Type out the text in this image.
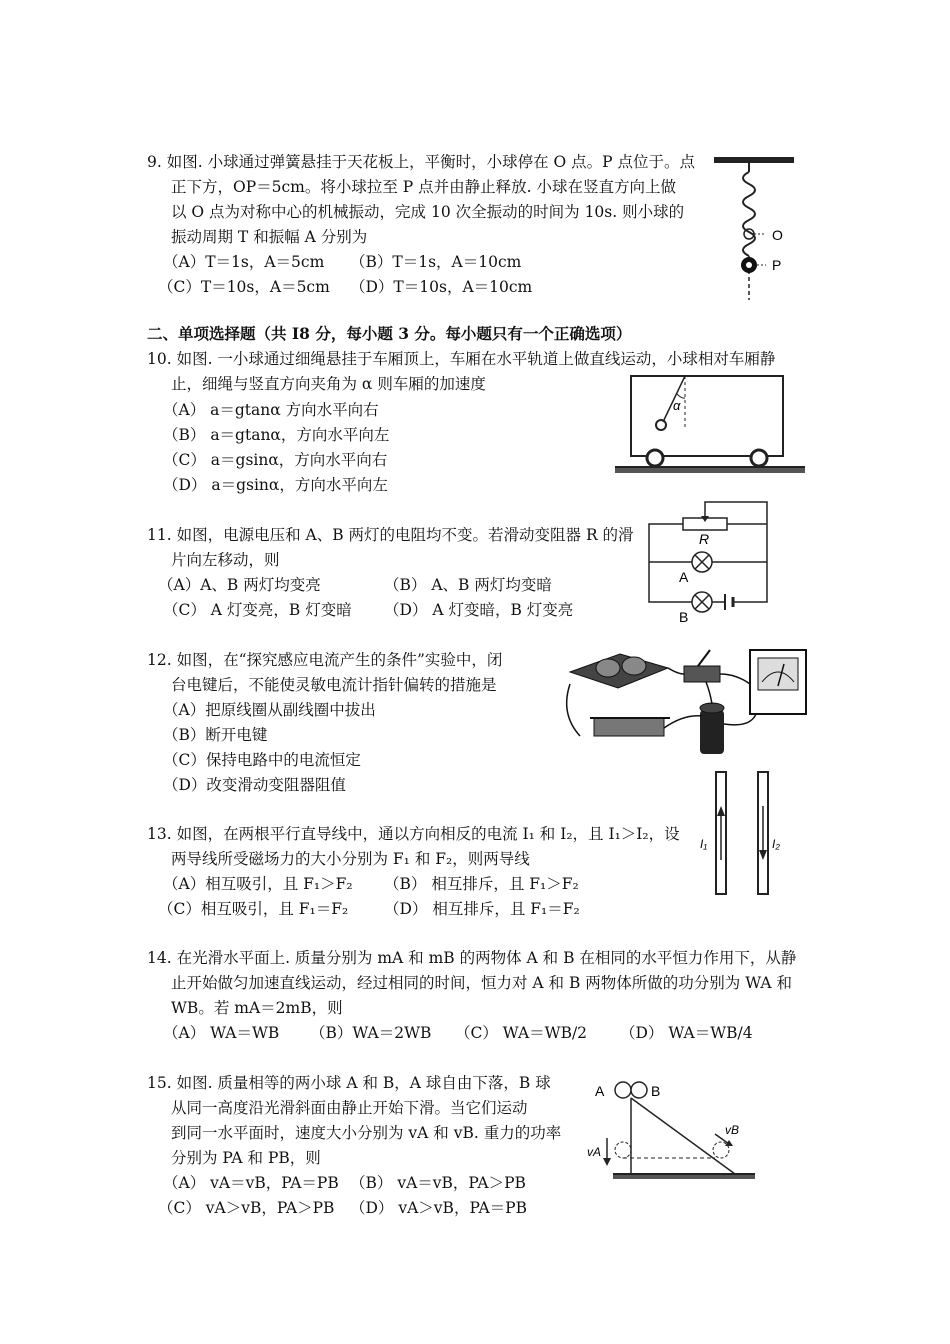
9. 如图. 小球通过弹簧悬挂于天花板上，平衡时，小球停在 O 点。P 点位于。点
正下方，OP＝5cm。将小球拉至 P 点并由静止释放. 小球在竖直方向上做
以 O 点为对称中心的机械振动，完成 10 次全振动的时间为 10s. 则小球的
振动周期 T 和振幅 A 分别为
（A）T＝1s，A＝5cm （B）T＝1s，A＝10cm
（C）T＝10s，A＝5cm （D）T＝10s，A＝10cm
O
P
二、单项选择题（共 I8 分，每小题 3 分。每小题只有一个正确选项）
10. 如图. 一小球通过细绳悬挂于车厢顶上，车厢在水平轨道上做直线运动，小球相对车厢静
止，细绳与竖直方向夹角为 α 则车厢的加速度
（A） a＝gtanα 方向水平向右
（B） a＝gtanα，方向水平向左
（C） a＝gsinα，方向水平向右
（D） a＝gsinα，方向水平向左
α
11. 如图，电源电压和 A、B 两灯的电阻均不变。若滑动变阻器 R 的滑
片向左移动，则
（A）A、B 两灯均变亮	（B） A、B 两灯均变暗
（C） A 灯变亮，B 灯变暗 （D） A 灯变暗，B 灯变亮
R
A
B
12. 如图，在“探究感应电流产生的条件”实验中，闭
台电键后，不能使灵敏电流计指针偏转的措施是
（A）把原线圈从副线圈中拔出
（B）断开电键
（C）保持电路中的电流恒定
（D）改变滑动变阻器阻值
13. 如图，在两根平行直导线中，通以方向相反的电流 I₁ 和 I₂，且 I₁＞I₂，设
两导线所受磁场力的大小分别为 F₁ 和 F₂，则两导线
（A）相互吸引，且 F₁＞F₂ （B） 相互排斥，且 F₁＞F₂
（C）相互吸引，且 F₁＝F₂ （D） 相互排斥，且 F₁＝F₂
I₁	I₂
14. 在光滑水平面上. 质量分别为 mA 和 mB 的两物体 A 和 B 在相同的水平恒力作用下，从静
止开始做匀加速直线运动，经过相同的时间，恒力对 A 和 B 两物体所做的功分别为 WA 和
WB。若 mA＝2mB，则
（A） WA＝WB （B）WA＝2WB （C） WA＝WB/2 （D） WA＝WB/4
15. 如图. 质量相等的两小球 A 和 B，A 球自由下落，B 球
从同一高度沿光滑斜面由静止开始下滑。当它们运动
到同一水平面时，速度大小分别为 vA 和 vB. 重力的功率
分别为 PA 和 PB，则
（A） vA＝vB，PA＝PB （B） vA＝vB，PA＞PB
（C） vA＞vB，PA＞PB （D） vA＞vB，PA＝PB
A	B
vA
vB
